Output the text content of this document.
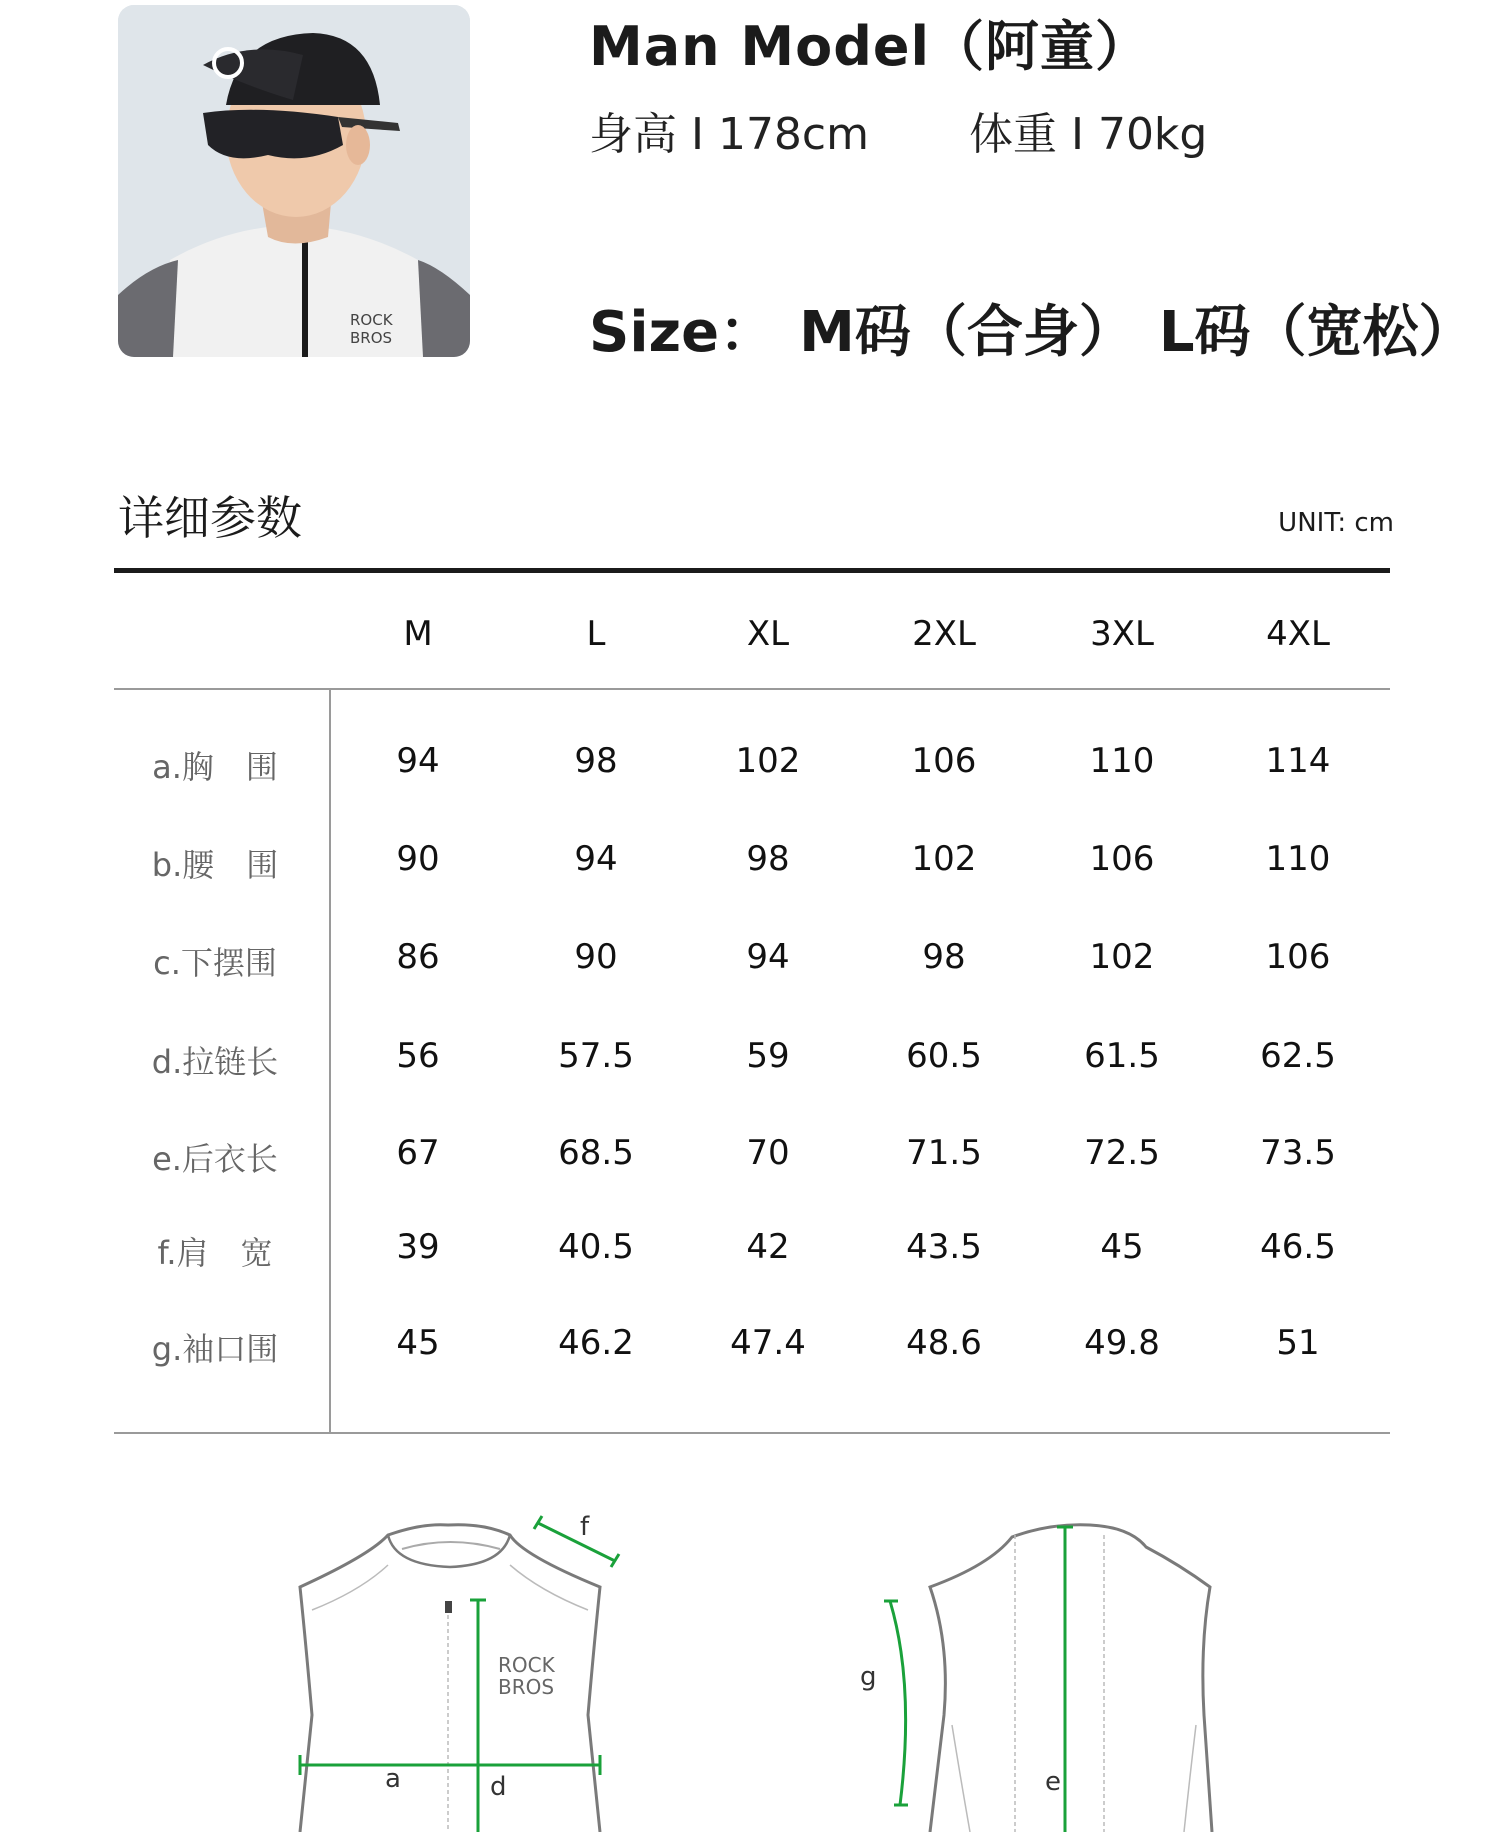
ROCK
BROS
Man Model（阿童）
身高 I 178cm 体重 I 70kg
Size： M码（合身） L码（宽松）
详细参数	UNIT: cm
M	L	XL	2XL	3XL	4XL
a.胸　围	94	98	102	106	110	114
b.腰　围	90	94	98	102	106	110
c.下摆围	86	90	94	98	102	106
d.拉链长	56	57.5	59	60.5	61.5	62.5
e.后衣长	67	68.5	70	71.5	72.5	73.5
f.肩　宽	39	40.5	42	43.5	45	46.5
g.袖口围	45	46.2	47.4	48.6	49.8	51
a	d
f
ROCK
BROS
e
g
